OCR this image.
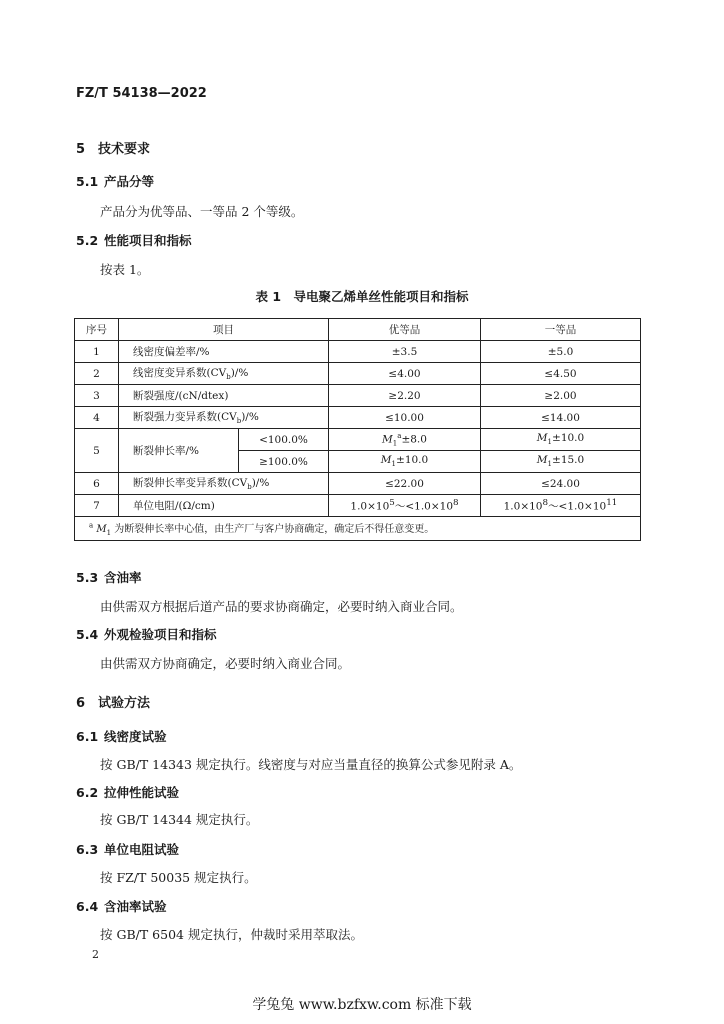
FZ/T 54138—2022
5 技术要求
5.1 产品分等
产品分为优等品、一等品 2 个等级。
5.2 性能项目和指标
按表 1。
表 1　导电聚乙烯单丝性能项目和指标
序号	项目		优等品	一等品
1	线密度偏差率/%		±3.5	±5.0
2	线密度变异系数$(CV_b)/\%$		≤4.00	≤4.50
3	断裂强度/(cN/dtex)		≥2.20	≥2.00
4	断裂强力变异系数$(CV_b)/\%$		≤10.00	≤14.00
5	断裂伸长率/%	<100.0%	$M_1^a\pm 8.0$	$M_1\pm 10.0$
		≥100.0%	$M_1\pm 10.0$	$M_1\pm 15.0$
6	断裂伸长率变异系数$(CV_b)/\%$		≤22.00	≤24.00
7	单位电阻/(Ω/cm)		$1.0\times 10^5\sim<1.0\times 10^8$	$1.0\times 10^8\sim<1.0\times 10^{11}$
$^a$ $M_1$ 为断裂伸长率中心值，由生产厂与客户协商确定，确定后不得任意变更。				
5.3 含油率
由供需双方根据后道产品的要求协商确定，必要时纳入商业合同。
5.4 外观检验项目和指标
由供需双方协商确定，必要时纳入商业合同。
6 试验方法
6.1 线密度试验
按 GB/T 14343 规定执行。线密度与对应当量直径的换算公式参见附录 A。
6.2 拉伸性能试验
按 GB/T 14344 规定执行。
6.3 单位电阻试验
按 FZ/T 50035 规定执行。
6.4 含油率试验
按 GB/T 6504 规定执行，仲裁时采用萃取法。
2
学兔兔 www.bzfxw.com 标准下载
